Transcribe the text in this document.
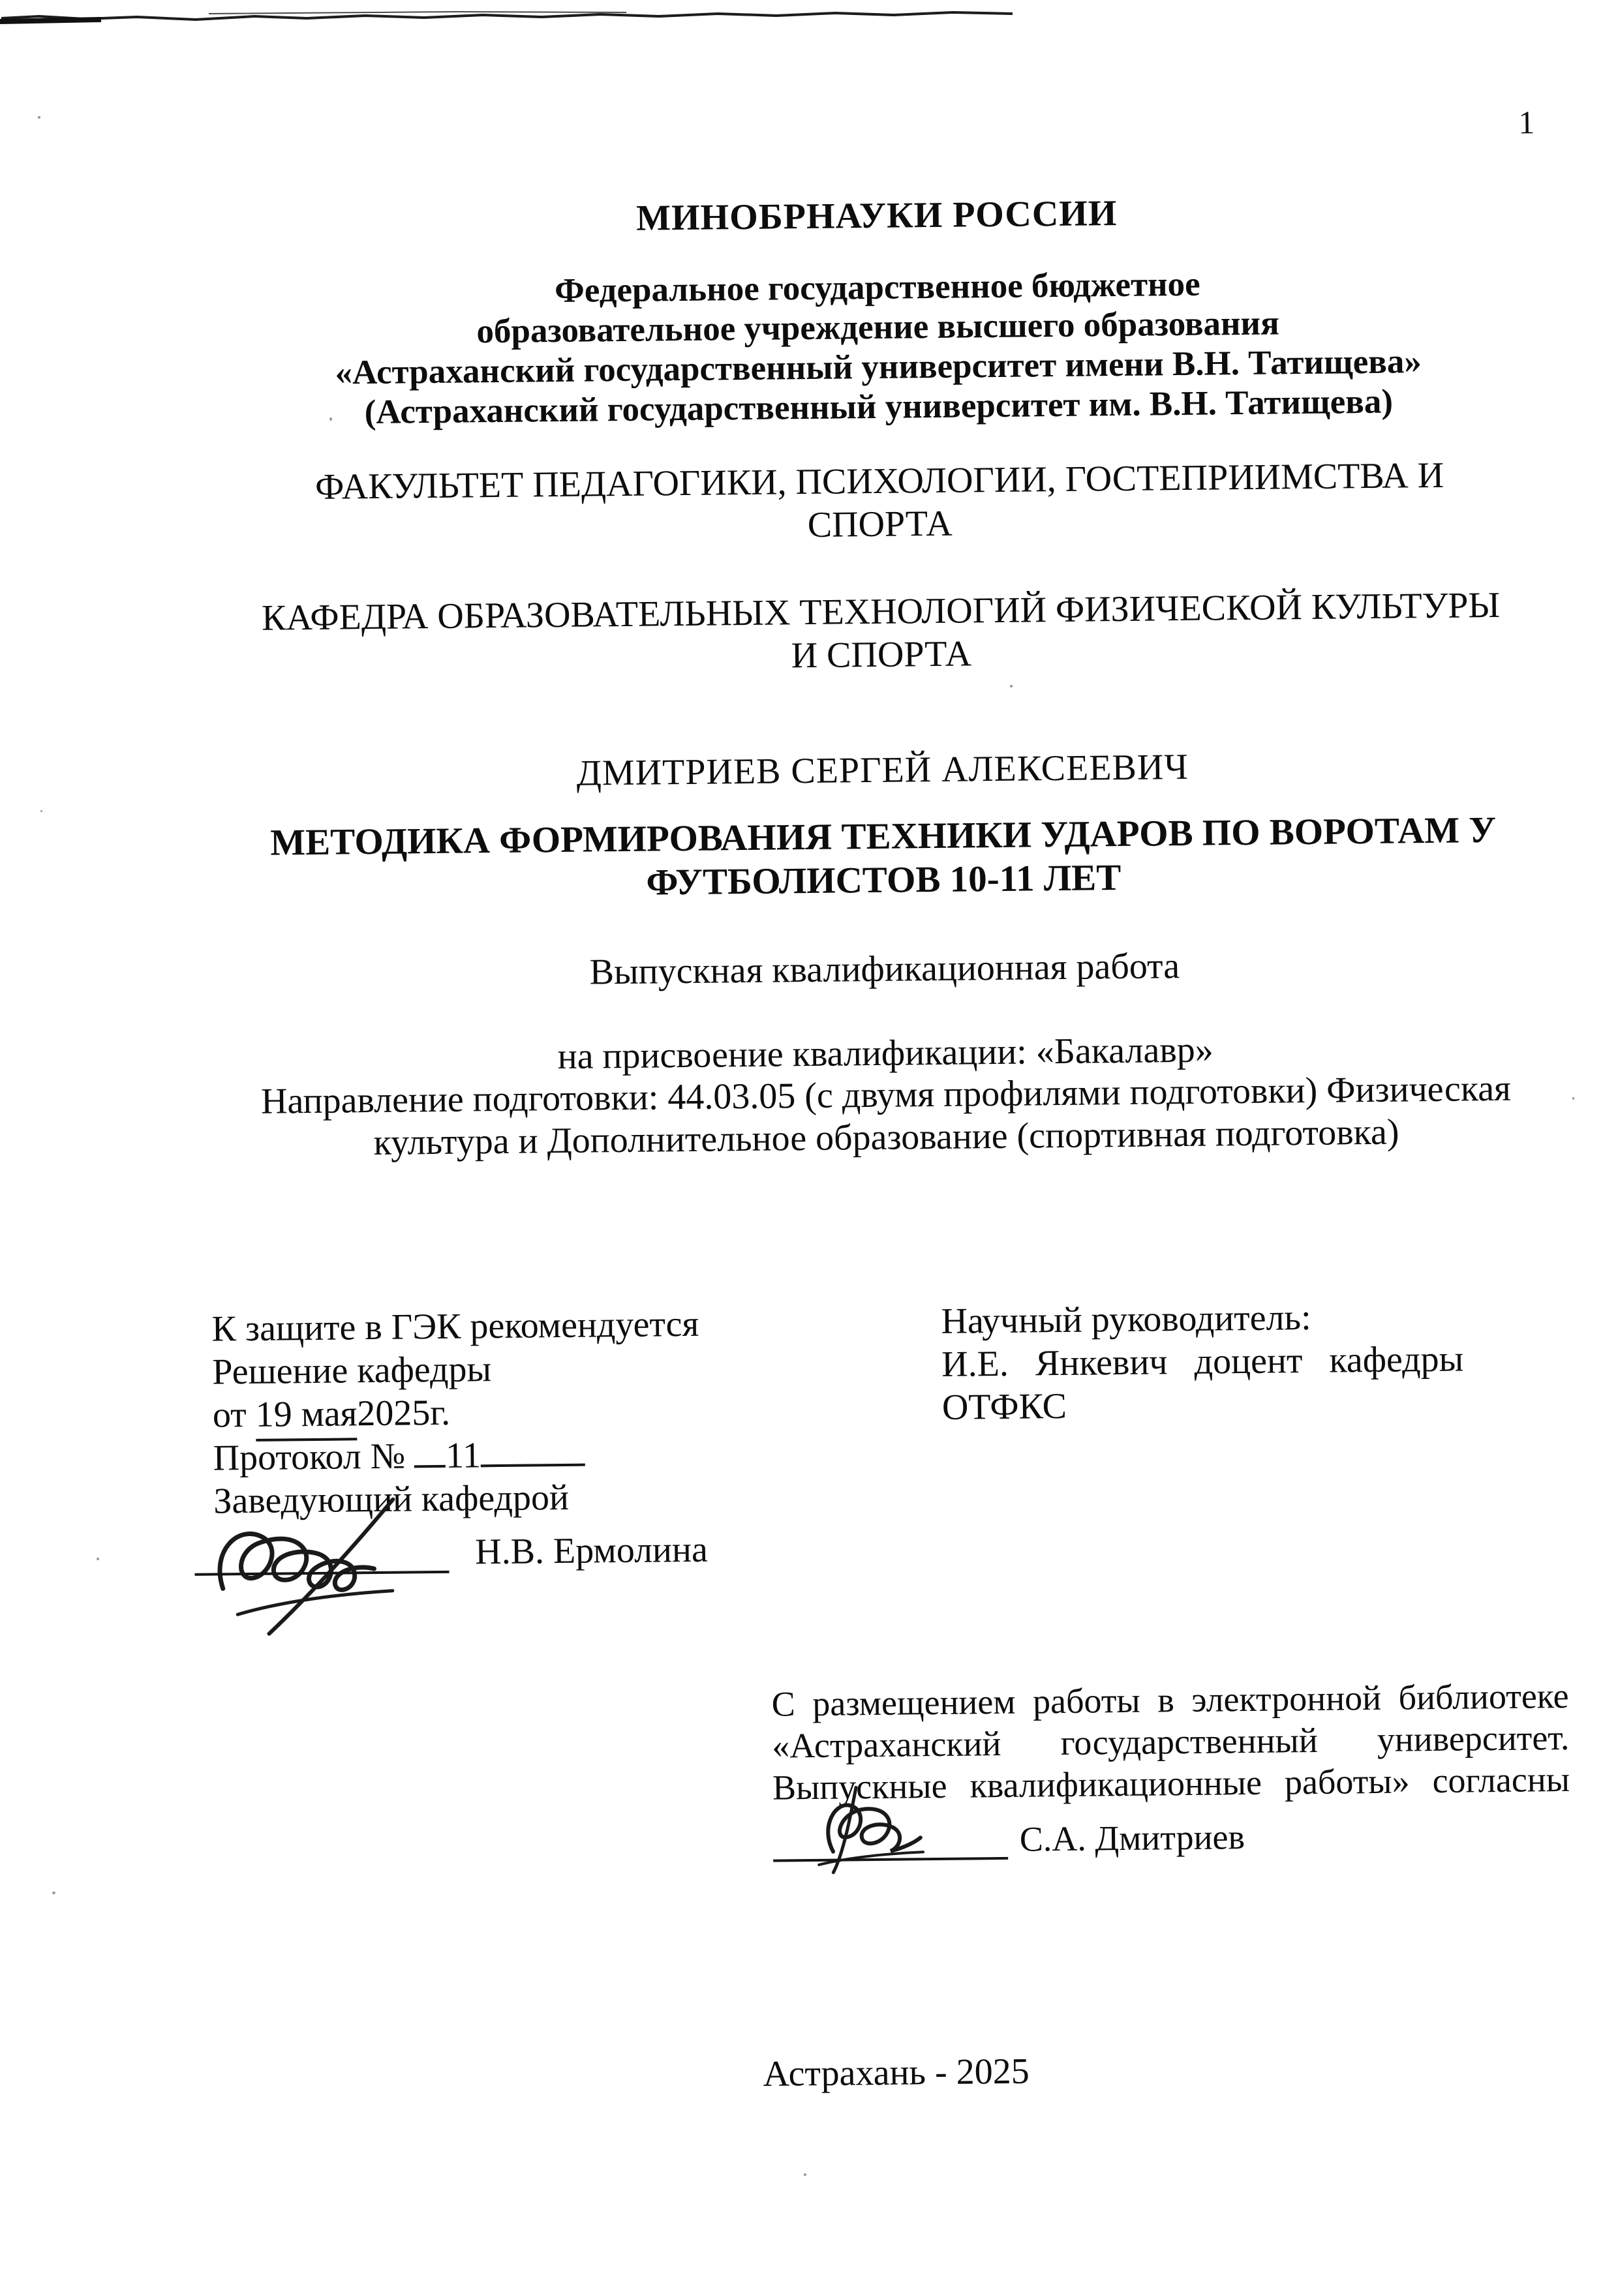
1
МИНОБРНАУКИ РОССИИ
Федеральное государственное бюджетное
образовательное учреждение высшего образования
«Астраханский государственный университет имени В.Н. Татищева»
(Астраханский государственный университет им. В.Н. Татищева)
ФАКУЛЬТЕТ ПЕДАГОГИКИ, ПСИХОЛОГИИ, ГОСТЕПРИИМСТВА И
СПОРТА
КАФЕДРА ОБРАЗОВАТЕЛЬНЫХ ТЕХНОЛОГИЙ ФИЗИЧЕСКОЙ КУЛЬТУРЫ
И СПОРТА
ДМИТРИЕВ СЕРГЕЙ АЛЕКСЕЕВИЧ
МЕТОДИКА ФОРМИРОВАНИЯ ТЕХНИКИ УДАРОВ ПО ВОРОТАМ У
ФУТБОЛИСТОВ 10-11 ЛЕТ
Выпускная квалификационная работа
на присвоение квалификации: «Бакалавр»
Направление подготовки: 44.03.05 (с двумя профилями подготовки) Физическая
культура и Дополнительное образование (спортивная подготовка)
К защите в ГЭК рекомендуется
Решение кафедры
от 19 мая2025г.
Протокол № 11
Заведующий кафедрой
Н.В. Ермолина
Научный руководитель:
И.Е. Янкевич доцент кафедры
ОТФКС
С размещением работы в электронной библиотеке
«Астраханский государственный университет.
Выпускные квалификационные работы» согласны
С.А. Дмитриев
Астрахань - 2025
